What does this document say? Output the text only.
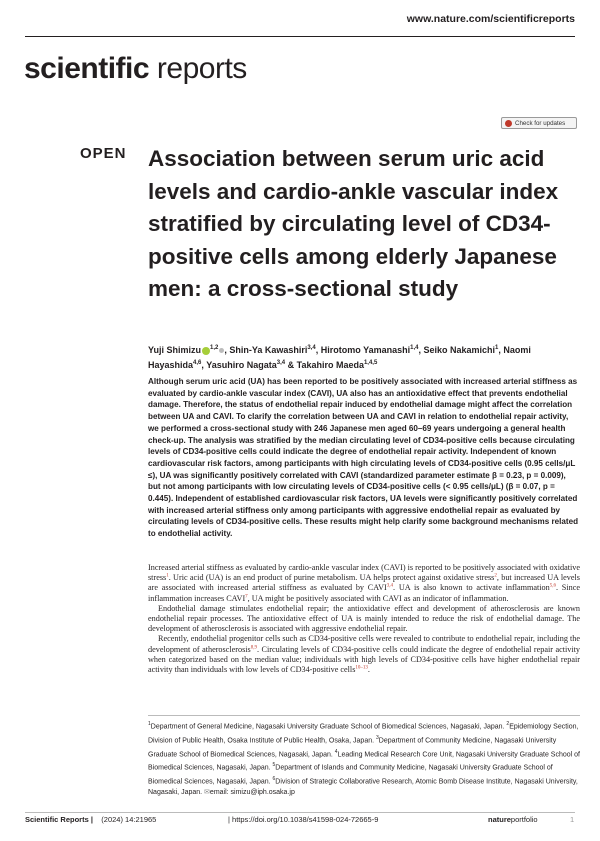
www.nature.com/scientificreports
scientific reports
Check for updates
OPEN Association between serum uric acid levels and cardio-ankle vascular index stratified by circulating level of CD34-positive cells among elderly Japanese men: a cross-sectional study
Yuji Shimizu $^{1,2}$ , Shin-Ya Kawashiri$^{3,4}$, Hirotomo Yamanashi$^{1,4}$, Seiko Nakamichi$^1$, Naomi Hayashida$^{4,6}$, Yasuhiro Nagata$^{3,4}$ & Takahiro Maeda$^{1,4,5}$
Although serum uric acid (UA) has been reported to be positively associated with increased arterial stiffness as evaluated by cardio-ankle vascular index (CAVI), UA also has an antioxidative effect that prevents endothelial damage. Therefore, the status of endothelial repair induced by endothelial damage might affect the correlation between UA and CAVI. To clarify the correlation between UA and CAVI in relation to endothelial repair activity, we performed a cross-sectional study with 246 Japanese men aged 60–69 years undergoing a general health check-up. The analysis was stratified by the median circulating level of CD34-positive cells because circulating levels of CD34-positive cells could indicate the degree of endothelial repair activity. Independent of known cardiovascular risk factors, among participants with high circulating levels of CD34-positive cells (0.95 cells/μL ≤), UA was significantly positively correlated with CAVI (standardized parameter estimate β = 0.23, p = 0.009), but not among participants with low circulating levels of CD34-positive cells (< 0.95 cells/μL) (β = 0.07, p = 0.445). Independent of established cardiovascular risk factors, UA levels were significantly positively correlated with increased arterial stiffness only among participants with aggressive endothelial repair as evaluated by circulating levels of CD34-positive cells. These results might help clarify some background mechanisms related to endothelial activity.

Increased arterial stiffness as evaluated by cardio-ankle vascular index (CAVI) is reported to be positively associated with oxidative stress$^1$. Uric acid (UA) is an end product of purine metabolism. UA helps protect against oxidative stress$^2$, but increased UA levels are associated with increased arterial stiffness as evaluated by CAVI$^{3,4}$. UA is also known to activate inflammation$^{5,6}$. Since inflammation increases CAVI$^7$, UA might be positively associated with CAVI as an indicator of inflammation.

Endothelial damage stimulates endothelial repair; the antioxidative effect and development of atherosclerosis are known endothelial repair processes. The antioxidative effect of UA is mainly intended to reduce the risk of endothelial damage. The development of atherosclerosis is associated with aggressive endothelial repair.

Recently, endothelial progenitor cells such as CD34-positive cells were revealed to contribute to endothelial repair, including the development of atherosclerosis$^{8,9}$. Circulating levels of CD34-positive cells could indicate the degree of endothelial repair activity when categorized based on the median value; individuals with high levels of CD34-positive cells have higher endothelial repair activity than individuals with low levels of CD34-positive cells$^{10-13}$.

$^1$Department of General Medicine, Nagasaki University Graduate School of Biomedical Sciences, Nagasaki, Japan. $^2$Epidemiology Section, Division of Public Health, Osaka Institute of Public Health, Osaka, Japan. $^3$Department of Community Medicine, Nagasaki University Graduate School of Biomedical Sciences, Nagasaki, Japan. $^4$Leading Medical Research Core Unit, Nagasaki University Graduate School of Biomedical Sciences, Nagasaki, Japan. $^5$Department of Islands and Community Medicine, Nagasaki University Graduate School of Biomedical Sciences, Nagasaki, Japan. $^6$Division of Strategic Collaborative Research, Atomic Bomb Disease Institute, Nagasaki University, Nagasaki, Japan. ✉email: simizu@iph.osaka.jp
Scientific Reports | (2024) 14:21965	| https://doi.org/10.1038/s41598-024-72665-9	natureportfolio	1
